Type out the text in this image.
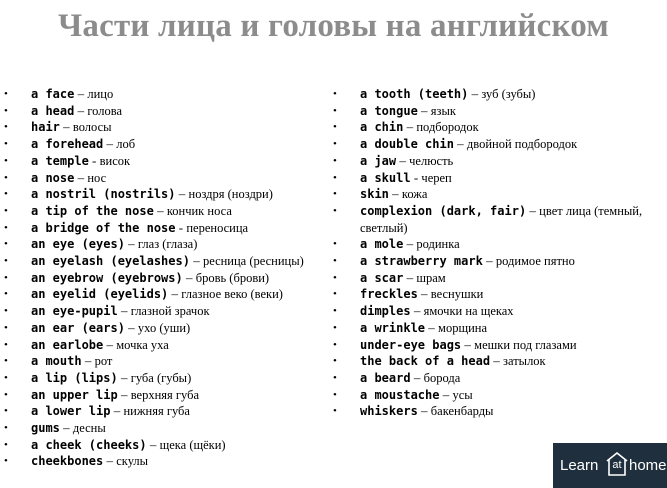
Части лица и головы на английском
• a face – лицо
• a head – голова
• hair – волосы
• a forehead – лоб
• a temple - висок
• a nose – нос
• a nostril (nostrils) – ноздря (ноздри)
• a tip of the nose – кончик носа
• a bridge of the nose - переносица
• an eye (eyes) – глаз (глаза)
• an eyelash (eyelashes) – ресница (ресницы)
• an eyebrow (eyebrows) – бровь (брови)
• an eyelid (eyelids) – глазное веко (веки)
• an eye-pupil – глазной зрачок
• an ear (ears) – ухо (уши)
• an earlobe – мочка уха
• a mouth – рот
• a lip (lips) – губа (губы)
• an upper lip – верхняя губа
• a lower lip – нижняя губа
• gums – десны
• a cheek (cheeks) – щека (щёки)
• cheekbones – скулы
• a tooth (teeth) – зуб (зубы)
• a tongue – язык
• a chin – подбородок
• a double chin – двойной подбородок
• a jaw – челюсть
• a skull - череп
• skin – кожа
• complexion (dark, fair) – цвет лица (темный, светлый)
• a mole – родинка
• a strawberry mark – родимое пятно
• a scar – шрам
• freckles – веснушки
• dimples – ямочки на щеках
• a wrinkle – морщина
• under-eye bags – мешки под глазами
• the back of a head – затылок
• a beard – борода
• a moustache – усы
• whiskers – бакенбарды
Learn	at home
